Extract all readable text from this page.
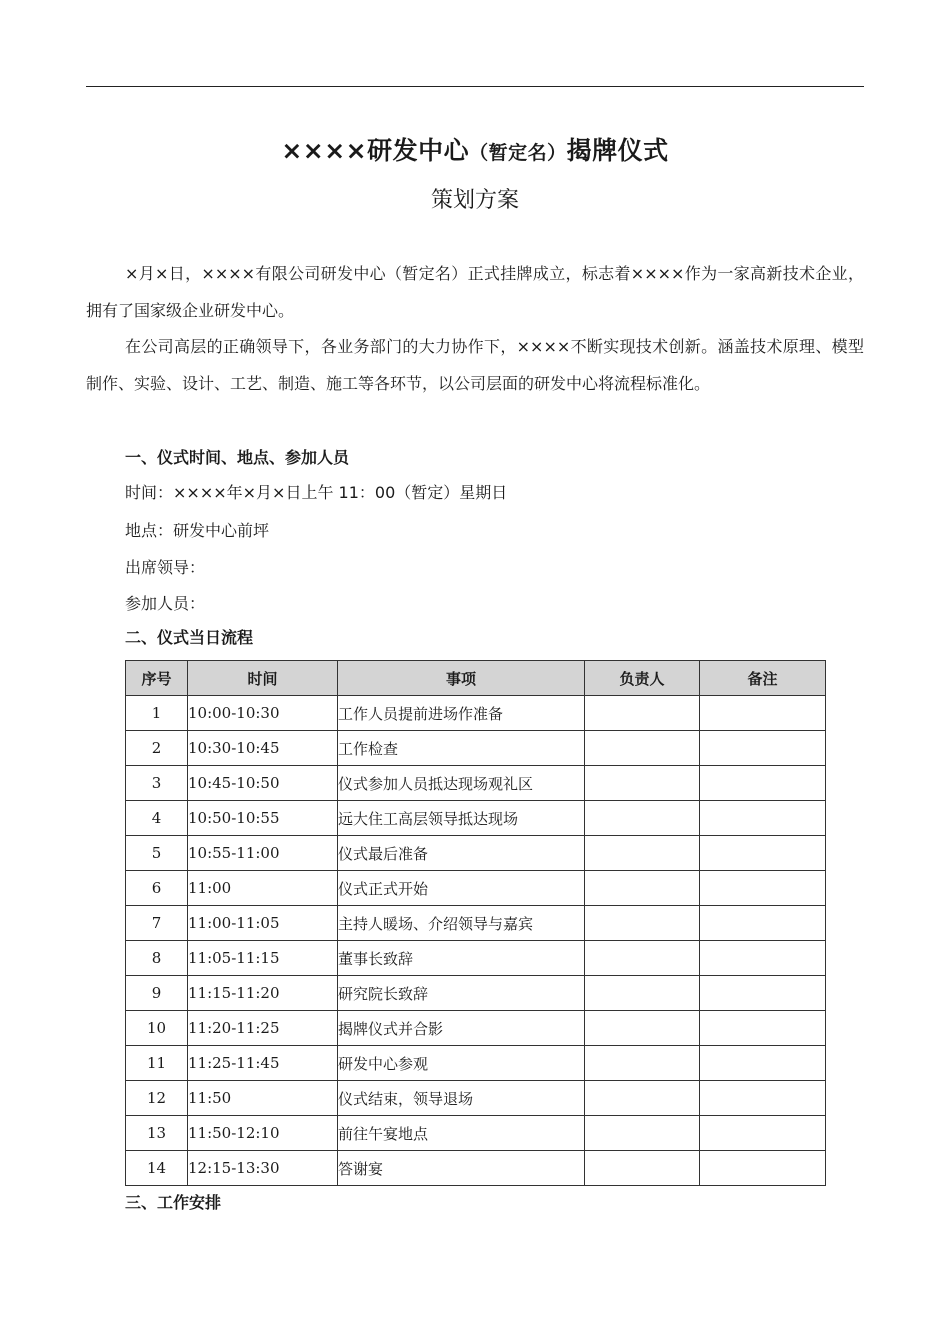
××××研发中心（暂定名）揭牌仪式
策划方案

×月×日，××××有限公司研发中心（暂定名）正式挂牌成立，标志着××××作为一家高新技术企业，拥有了国家级企业研发中心。

在公司高层的正确领导下，各业务部门的大力协作下，××××不断实现技术创新。涵盖技术原理、模型制作、实验、设计、工艺、制造、施工等各环节，以公司层面的研发中心将流程标准化。

一、仪式时间、地点、参加人员
时间：××××年×月×日上午 11：00（暂定）星期日
地点：研发中心前坪
出席领导：
参加人员：
二、仪式当日流程
序号	时间	事项	负责人	备注
1	10:00-10:30	工作人员提前进场作准备		
2	10:30-10:45	工作检查		
3	10:45-10:50	仪式参加人员抵达现场观礼区		
4	10:50-10:55	远大住工高层领导抵达现场		
5	10:55-11:00	仪式最后准备		
6	11:00	仪式正式开始		
7	11:00-11:05	主持人暖场、介绍领导与嘉宾		
8	11:05-11:15	董事长致辞		
9	11:15-11:20	研究院长致辞		
10	11:20-11:25	揭牌仪式并合影		
11	11:25-11:45	研发中心参观		
12	11:50	仪式结束，领导退场		
13	11:50-12:10	前往午宴地点		
14	12:15-13:30	答谢宴		
三、工作安排
